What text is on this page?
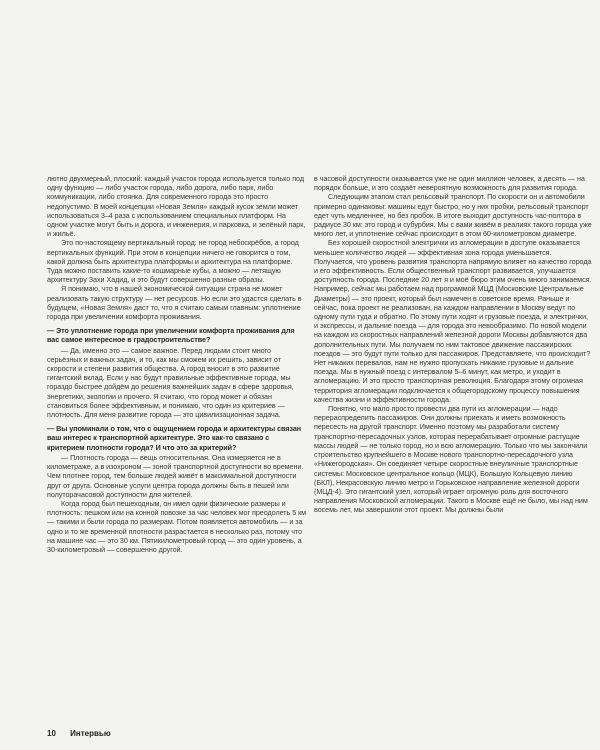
лютно двухмерный, плоский: каждый участок города используется только под одну функцию — либо участок города, либо дорога, либо парк, либо коммуникации, либо стоянка. Для современного города это просто недопустимо. В моей концепции «Новая Земля» каждый кусок земли может использоваться 3–4 раза с использованием специальных платформ. На одном участке могут быть и дорога, и инженерия, и парковка, и зелёный парк, и жильё.

Это по-настоящему вертикальный город: не город небоскрёбов, а город вертикальных функций. При этом в концепции ничего не говорится о том, какой должна быть архитектура платформы и архитектура на платформе. Туда можно поставить какие-то кошмарные кубы, а можно — летящую архитектуру Захи Хадид, и это будут совершенно разные образы.

Я понимаю, что в нашей экономической ситуации страна не может реализовать такую структуру — нет ресурсов. Но если это удастся сделать в будущем, «Новая Земля» даст то, что я считаю самым главным: уплотнение города при увеличении комфорта проживания.

— Это уплотнение города при увеличении комфорта проживания для вас самое интересное в градостроительстве?

— Да, именно это — самое важное. Перед людьми стоит много серьёзных и важных задач, и то, как мы сможем их решить, зависит от скорости и степени развития общества. А город вносит в это развитие гигантский вклад. Если у нас будут правильные эффективные города, мы гораздо быстрее дойдём до решения важнейших задач в сфере здоровья, энергетики, экологии и прочего. Я считаю, что город может и обязан становиться более эффективным, и понимаю, что один из критериев — плотность. Для меня развитие города — это цивилизационная задача.

— Вы упоминали о том, что с ощущением города и архитектуры связан ваш интерес к транспортной архитектуре. Это как-то связано с критерием плотности города? И что это за критерий?

— Плотность города — вещь относительная. Она измеряется не в километраже, а в изохроном — зоной транспортной доступности во времени. Чем плотнее город, тем больше людей живёт в максимальной доступности друг от друга. Основные услуги центра города должны быть в пешей или полуторачасовой доступности для жителей.

Когда город был пешеходным, он имел одни физические размеры и плотность: пешком или на конной повозке за час человек мог преодолеть 5 км — такими и были города по размерам. Потом появляется автомобиль — и за одно и то же временной плотности разрастается в несколько раз, потому что на машине час — это 30 км. Пятикилометровый город — это один уровень, а 30-километровый — совершенно другой.

в часовой доступности оказывается уже не один миллион человек, а десять — на порядок больше, и это создаёт невероятную возможность для развития города.

Следующим этапом стал рельсовый транспорт. По скорости он и автомобили примерно одинаковы: машины едут быстро, но у них пробки, рельсовый транспорт едет чуть медленнее, но без пробок. В итоге выходит доступность час-полтора в радиусе 30 км: это город и субурбия. Мы с вами живём в реалиях такого города уже много лет, и уплотнение сейчас происходит в этом 60-километровом диаметре.

Без хорошей скоростной электрички из агломерации в доступе оказывается меньшее количество людей — эффективная зона города уменьшается. Получается, что уровень развития транспорта напрямую влияет на качество города и его эффективность. Если общественный транспорт развивается, улучшается доступность города. Последние 20 лет я и моё бюро этим очень много занимаемся. Например, сейчас мы работаем над программой МЦД (Московские Центральные Диаметры) — это проект, который был намечен в советское время. Раньше и сейчас, пока проект не реализован, на каждом направлении в Москву ведут по одному пути туда и обратно. По этому пути ходят и грузовые поезда, и электрички, и экспрессы, и дальние поезда — для города это невообразимо. По новой модели на каждом из скоростных направлений железной дороги Москвы добавляются два дополнительных пути. Мы получаем по ним тактовое движение пассажирских поездов — это будут пути только для пассажиров. Представляете, что происходит? Нет никаких перевалов, нам не нужно пропускать никакие грузовые и дальние поезда. Мы в нужный поезд с интервалом 5–6 минут, как метро, и уходит в агломерацию. И это просто транспортная революция. Благодаря этому огромная территория агломерации подключается к общегородскому процессу повышения качества жизни и эффективности города.

Понятно, что мало просто провести два пути из агломерации — надо перераспределить пассажиров. Они должны приехать и иметь возможность пересесть на другой транспорт. Именно поэтому мы разработали систему транспортно-пересадочных узлов, которая перерабатывает огромные растущие массы людей — не только город, но и всю агломерацию. Только что мы закончили строительство крупнейшего в Москве нового транспортно-пересадочного узла «Нижегородская». Он соединяет четыре скоростные внеуличные транспортные системы: Московское центральное кольцо (МЦК), Большую Кольцевую линию (БКЛ), Некрасовскую линию метро и Горьковское направление железной дороги (МЦД-4). Это гигантский узел, который играет огромную роль для восточного направления Московской агломерации. Такого в Москве ещё не было, мы над ним восемь лет, мы завершили этот проект. Мы должны были

10 Интервью
